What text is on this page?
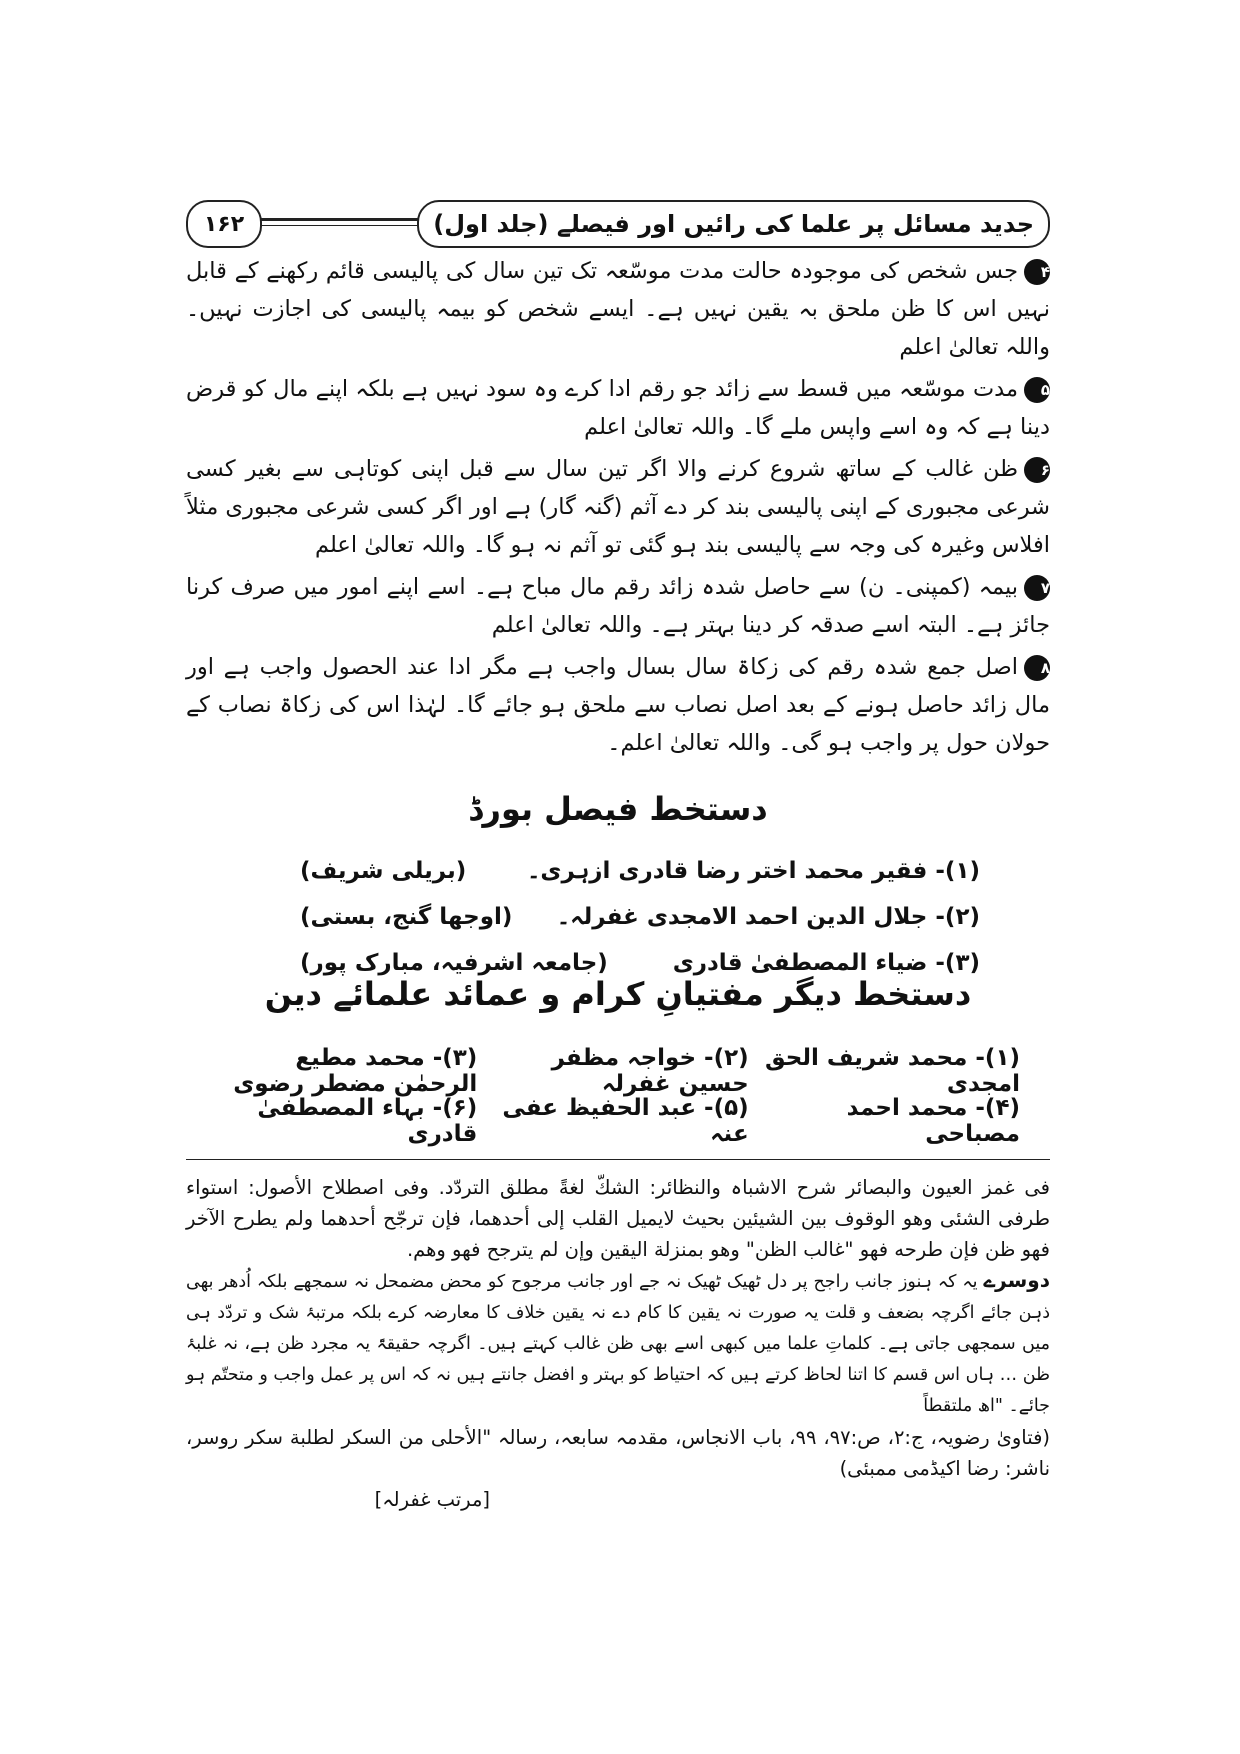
جدید مسائل پر علما کی رائیں اور فیصلے (جلد اول)
۱۶۲

۴جس شخص کی موجودہ حالت مدت موسّعہ تک تین سال کی پالیسی قائم رکھنے کے قابل نہیں اس کا ظن ملحق بہ یقین نہیں ہے۔ ایسے شخص کو بیمہ پالیسی کی اجازت نہیں۔ واللہ تعالیٰ اعلم

۵مدت موسّعہ میں قسط سے زائد جو رقم ادا کرے وہ سود نہیں ہے بلکہ اپنے مال کو قرض دینا ہے کہ وہ اسے واپس ملے گا۔ واللہ تعالیٰ اعلم

۶ظن غالب کے ساتھ شروع کرنے والا اگر تین سال سے قبل اپنی کوتاہی سے بغیر کسی شرعی مجبوری کے اپنی پالیسی بند کر دے آثم (گنہ گار) ہے اور اگر کسی شرعی مجبوری مثلاً افلاس وغیرہ کی وجہ سے پالیسی بند ہو گئی تو آثم نہ ہو گا۔ واللہ تعالیٰ اعلم

۷بیمہ (کمپنی۔ ن) سے حاصل شدہ زائد رقم مال مباح ہے۔ اسے اپنے امور میں صرف کرنا جائز ہے۔ البتہ اسے صدقہ کر دینا بہتر ہے۔ واللہ تعالیٰ اعلم

۸اصل جمع شدہ رقم کی زکاۃ سال بسال واجب ہے مگر ادا عند الحصول واجب ہے اور مال زائد حاصل ہونے کے بعد اصل نصاب سے ملحق ہو جائے گا۔ لہٰذا اس کی زکاۃ نصاب کے حولان حول پر واجب ہو گی۔ واللہ تعالیٰ اعلم۔

دستخط فیصل بورڈ
(۱)- فقیر محمد اختر رضا قادری ازہری۔
(بریلی شریف)
(۲)- جلال الدین احمد الامجدی غفرلہ۔
(اوجھا گنج، بستی)
(۳)- ضیاء المصطفیٰ قادری
(جامعہ اشرفیہ، مبارک پور)
دستخط دیگر مفتیانِ کرام و عمائد علمائے دین
(۱)- محمد شریف الحق امجدی
(۲)- خواجہ مظفر حسین غفرلہ
(۳)- محمد مطیع الرحمٰن مضطر رضوی
(۴)- محمد احمد مصباحی
(۵)- عبد الحفیظ عفی عنہ
(۶)- بہاء المصطفیٰ قادری

فی غمز العیون والبصائر شرح الاشباہ والنظائر: الشكّ لغةً مطلق التردّد. وفی اصطلاح الأصول: استواء طرفی الشئی وهو الوقوف بين الشيئين بحيث لايميل القلب إلى أحدهما، فإن ترجّح أحدهما ولم يطرح الآخر فهو ظن فإن طرحه فهو "غالب الظن" وهو بمنزلة اليقين وإن لم يترجح فهو وهم.

دوسرے یہ کہ ہنوز جانب راجح پر دل ٹھیک ٹھیک نہ جے اور جانب مرجوح کو محض مضمحل نہ سمجھے بلکہ اُدھر بھی ذہن جائے اگرچہ بضعف و قلت یہ صورت نہ یقین کا کام دے نہ یقین خلاف کا معارضہ کرے بلکہ مرتبۂ شک و تردّد ہی میں سمجھی جاتی ہے۔ کلماتِ علما میں کبھی اسے بھی ظن غالب کہتے ہیں۔ اگرچہ حقیقۃً یہ مجرد ظن ہے، نہ غلبۂ ظن … ہاں اس قسم کا اتنا لحاظ کرتے ہیں کہ احتیاط کو بہتر و افضل جانتے ہیں نہ کہ اس پر عمل واجب و متحتّم ہو جائے۔ "اھ ملتقطاً

(فتاویٰ رضویہ، ج:۲، ص:۹۷، ۹۹، باب الانجاس، مقدمہ سابعہ، رسالہ "الأحلى من السكر لطلبة سكر روسر، ناشر: رضا اکیڈمی ممبئی)

[مرتب غفرلہ]
